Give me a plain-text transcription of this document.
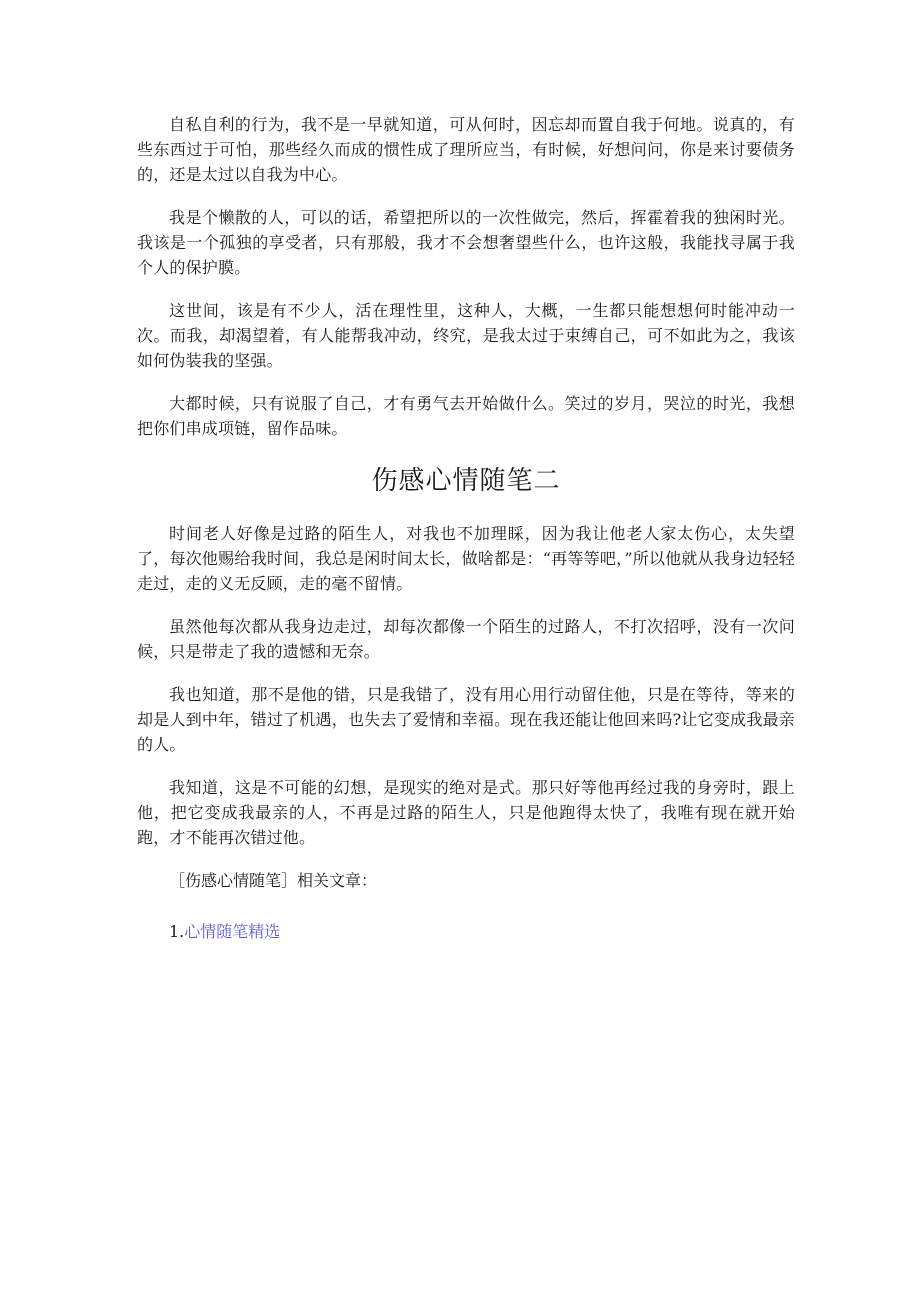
自私自利的行为，我不是一早就知道，可从何时，因忘却而置自我于何地。说真的，有些东西过于可怕，那些经久而成的惯性成了理所应当，有时候，好想问问，你是来讨要债务的，还是太过以自我为中心。

我是个懒散的人，可以的话，希望把所以的一次性做完，然后，挥霍着我的独闲时光。我该是一个孤独的享受者，只有那般，我才不会想奢望些什么，也许这般，我能找寻属于我个人的保护膜。

这世间，该是有不少人，活在理性里，这种人，大概，一生都只能想想何时能冲动一次。而我，却渴望着，有人能帮我冲动，终究，是我太过于束缚自己，可不如此为之，我该如何伪装我的坚强。

大都时候，只有说服了自己，才有勇气去开始做什么。笑过的岁月，哭泣的时光，我想把你们串成项链，留作品味。

伤感心情随笔二

时间老人好像是过路的陌生人，对我也不加理睬，因为我让他老人家太伤心，太失望了，每次他赐给我时间，我总是闲时间太长，做啥都是：“再等等吧，”所以他就从我身边轻轻走过，走的义无反顾，走的毫不留情。

虽然他每次都从我身边走过，却每次都像一个陌生的过路人，不打次招呼，没有一次问候，只是带走了我的遗憾和无奈。

我也知道，那不是他的错，只是我错了，没有用心用行动留住他，只是在等待，等来的却是人到中年，错过了机遇，也失去了爱情和幸福。现在我还能让他回来吗?让它变成我最亲的人。

我知道，这是不可能的幻想，是现实的绝对是式。那只好等他再经过我的身旁时，跟上他，把它变成我最亲的人，不再是过路的陌生人，只是他跑得太快了，我唯有现在就开始跑，才不能再次错过他。

［伤感心情随笔］相关文章：

1.心情随笔精选
